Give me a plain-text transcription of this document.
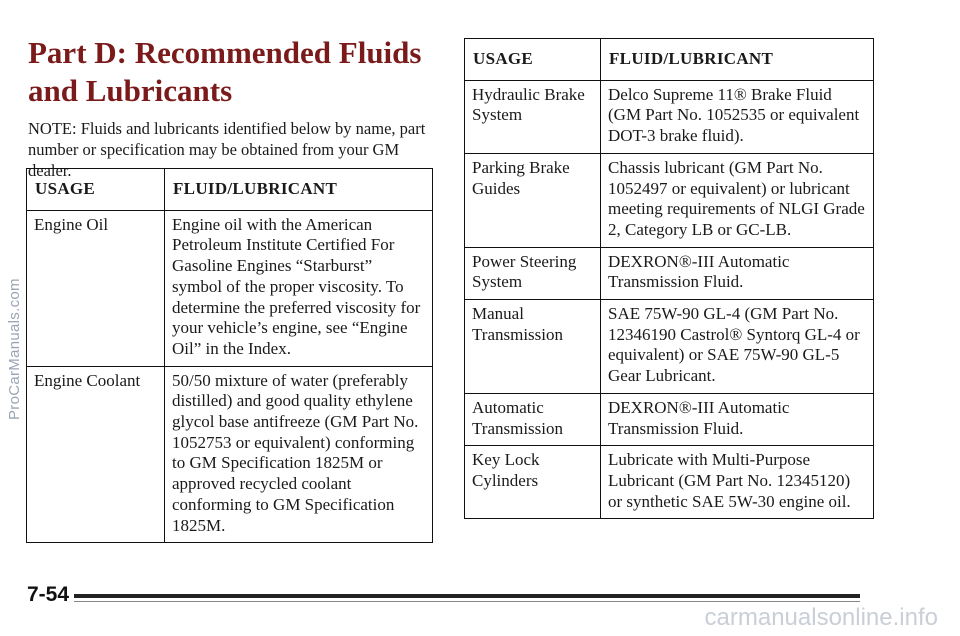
Part D: Recommended Fluids and Lubricants

NOTE: Fluids and lubricants identified below by name, part number or specification may be obtained from your GM dealer.

USAGE	FLUID/LUBRICANT
Engine Oil	Engine oil with the American Petroleum Institute Certified For Gasoline Engines “Starburst” symbol of the proper viscosity. To determine the preferred viscosity for your vehicle’s engine, see “Engine Oil” in the Index.
Engine Coolant	50/50 mixture of water (preferably distilled) and good quality ethylene glycol base antifreeze (GM Part No. 1052753 or equivalent) conforming to GM Specification 1825M or approved recycled coolant conforming to GM Specification 1825M.
USAGE	FLUID/LUBRICANT
Hydraulic Brake System	Delco Supreme 11® Brake Fluid (GM Part No. 1052535 or equivalent DOT-3 brake fluid).
Parking Brake Guides	Chassis lubricant (GM Part No. 1052497 or equivalent) or lubricant meeting requirements of NLGI Grade 2, Category LB or GC-LB.
Power Steering System	DEXRON®-III Automatic Transmission Fluid.
Manual Transmission	SAE 75W-90 GL-4 (GM Part No. 12346190 Castrol® Syntorq GL-4 or equivalent) or SAE 75W-90 GL-5 Gear Lubricant.
Automatic Transmission	DEXRON®-III Automatic Transmission Fluid.
Key Lock Cylinders	Lubricate with Multi-Purpose Lubricant (GM Part No. 12345120) or synthetic SAE 5W-30 engine oil.
ProCarManuals.com
7-54
carmanualsonline.info
